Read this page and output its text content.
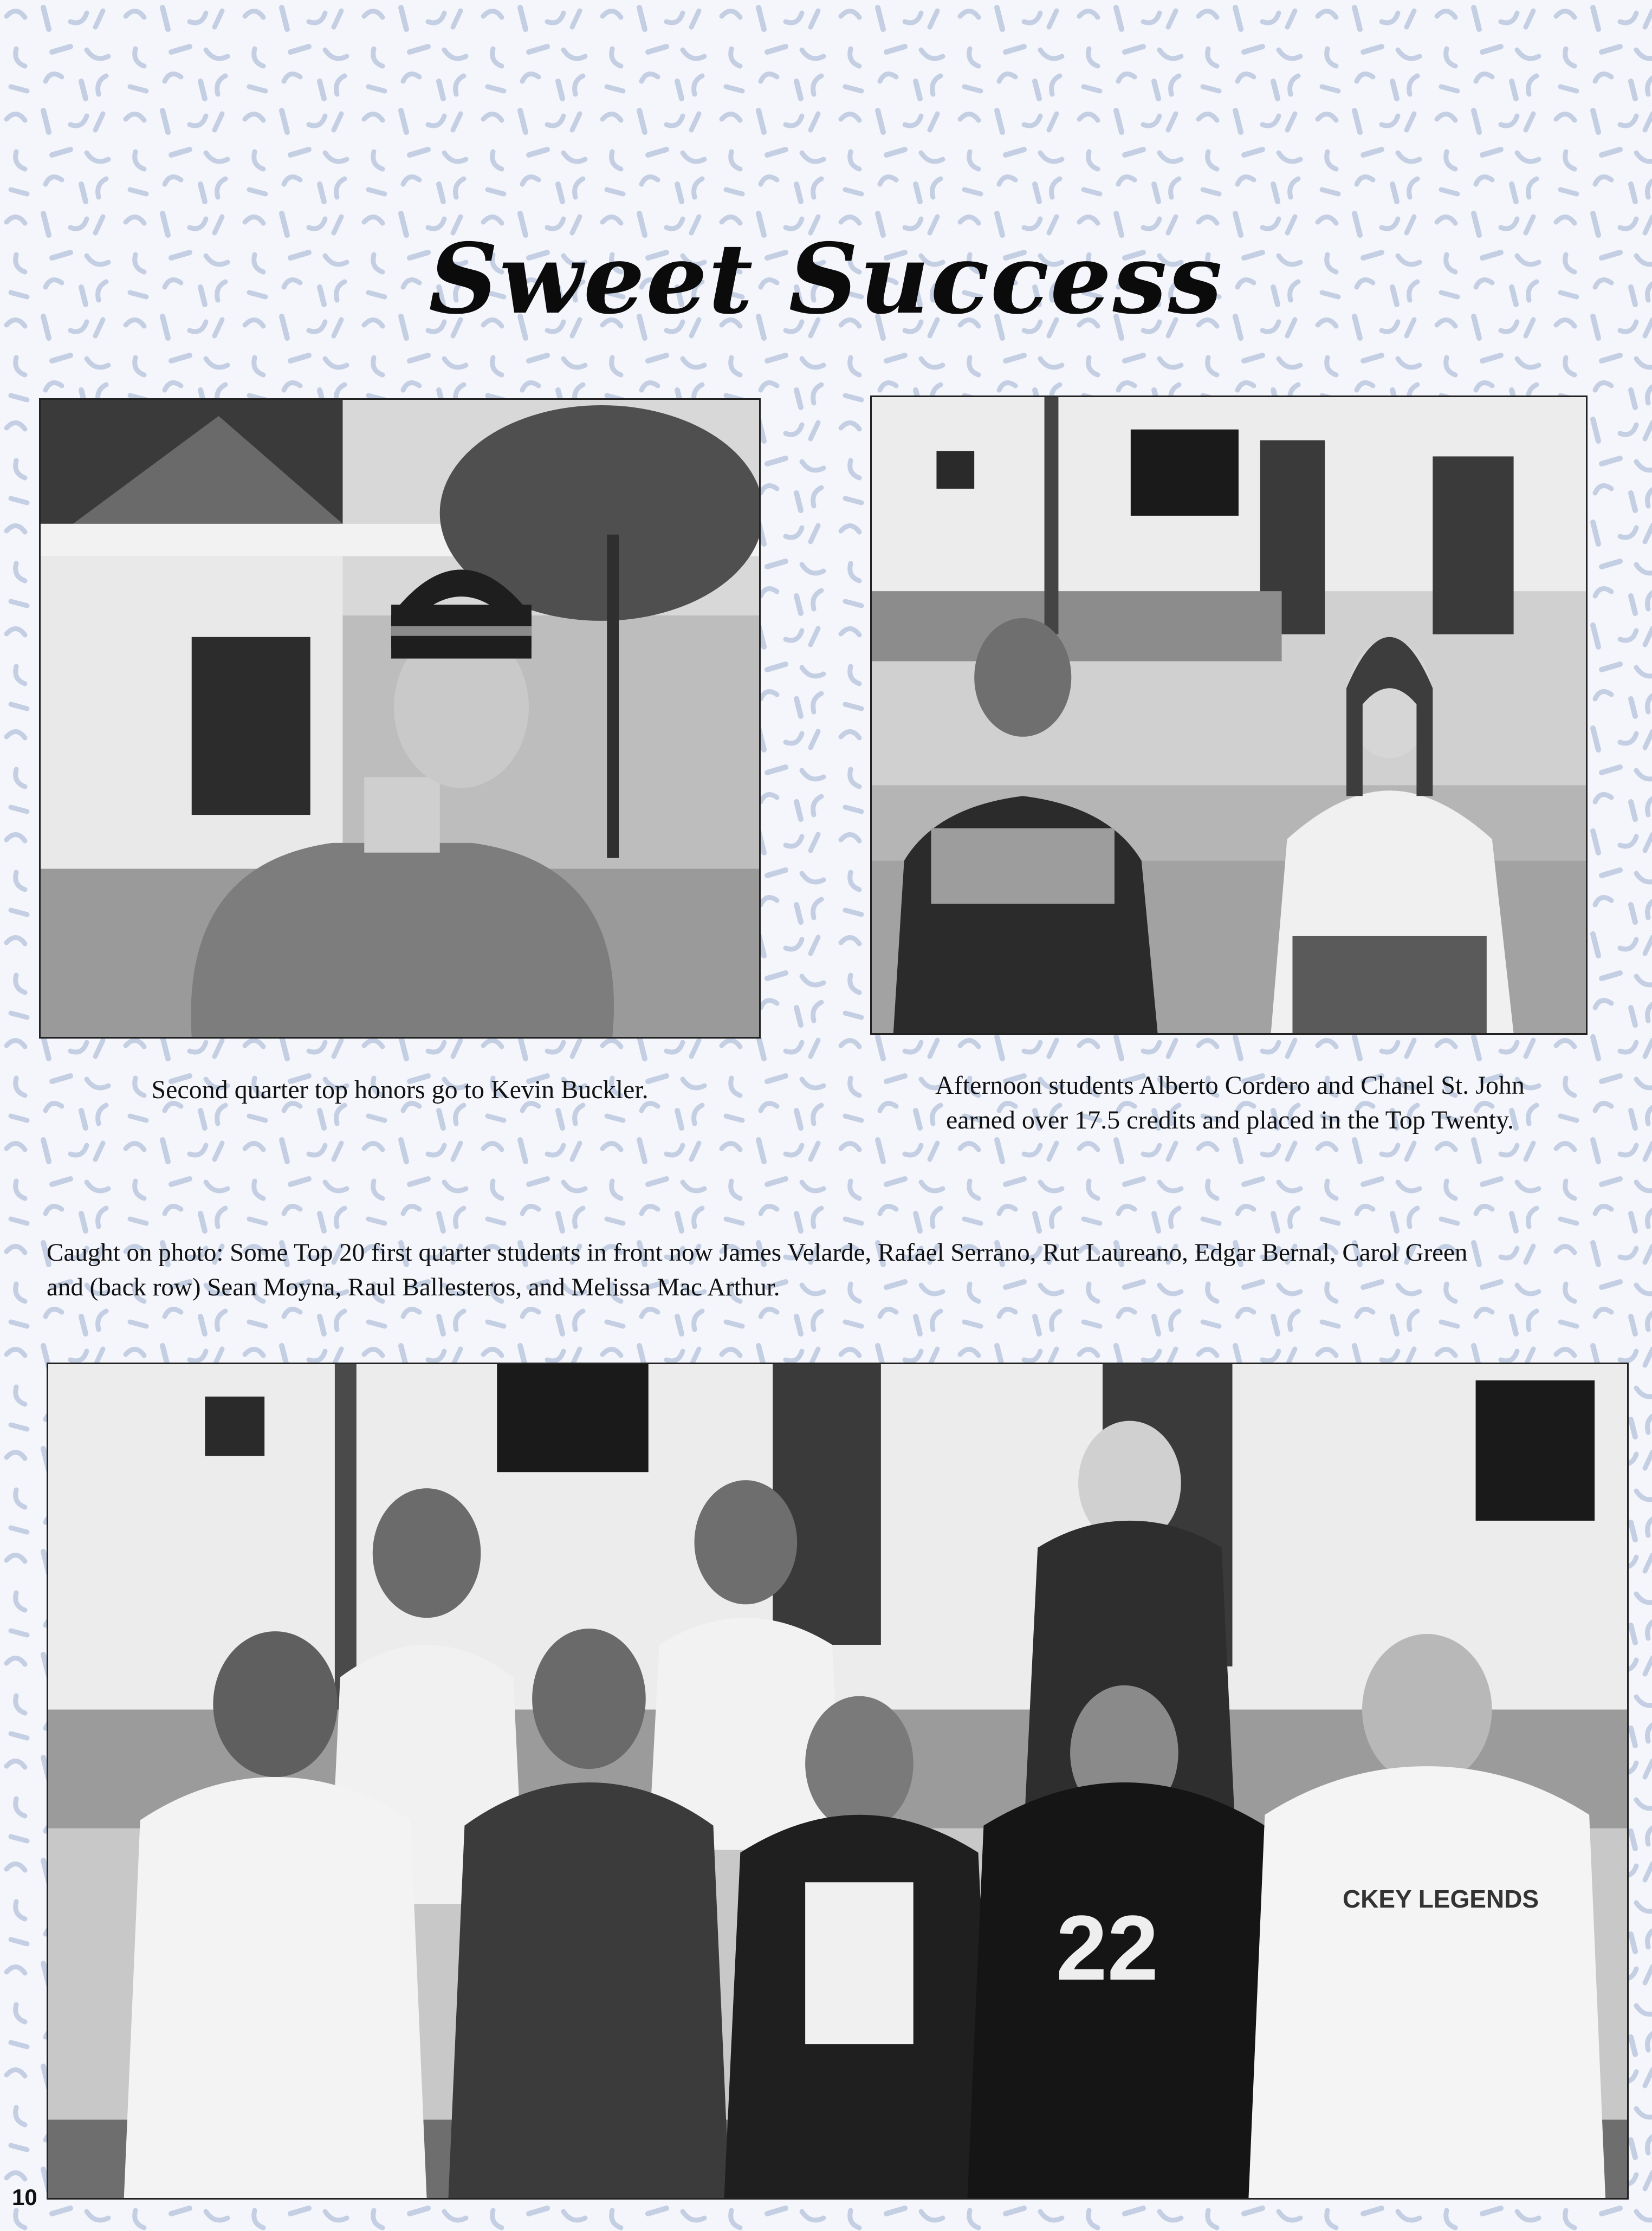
Sweet Success
Second quarter top honors go to Kevin Buckler.	Afternoon students Alberto Cordero and Chanel St. John
earned over 17.5 credits and placed in the Top Twenty.
Caught on photo: Some Top 20 first quarter students in front now James Velarde, Rafael Serrano, Rut Laureano, Edgar Bernal, Carol Green
and (back row) Sean Moyna, Raul Ballesteros, and Melissa Mac Arthur.
22	CKEY LEGENDS
10
